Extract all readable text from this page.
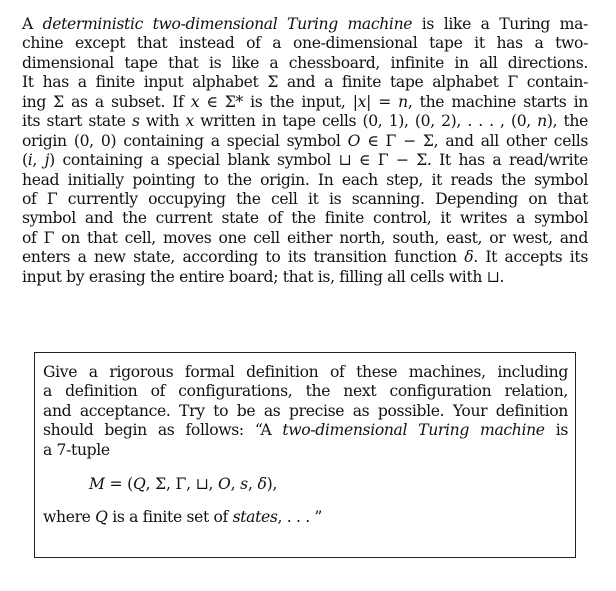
A deterministic two-dimensional Turing machine is like a Turing ma-
chine except that instead of a one-dimensional tape it has a two-
dimensional tape that is like a chessboard, infinite in all directions.
It has a finite input alphabet Σ and a finite tape alphabet Γ contain-
ing Σ as a subset. If x ∈ Σ* is the input, |x| = n, the machine starts in
its start state s with x written in tape cells (0, 1), (0, 2), . . . , (0, n), the
origin (0, 0) containing a special symbol O ∈ Γ − Σ, and all other cells
(i, j) containing a special blank symbol ⊔ ∈ Γ − Σ. It has a read/write
head initially pointing to the origin. In each step, it reads the symbol
of Γ currently occupying the cell it is scanning. Depending on that
symbol and the current state of the finite control, it writes a symbol
of Γ on that cell, moves one cell either north, south, east, or west, and
enters a new state, according to its transition function δ. It accepts its
input by erasing the entire board; that is, filling all cells with ⊔.
Give a rigorous formal definition of these machines, including
a definition of configurations, the next configuration relation,
and acceptance. Try to be as precise as possible. Your definition
should begin as follows: “A two-dimensional Turing machine is
a 7-tuple
M = (Q, Σ, Γ, ⊔, O, s, δ),
where Q is a finite set of states, . . . ”
